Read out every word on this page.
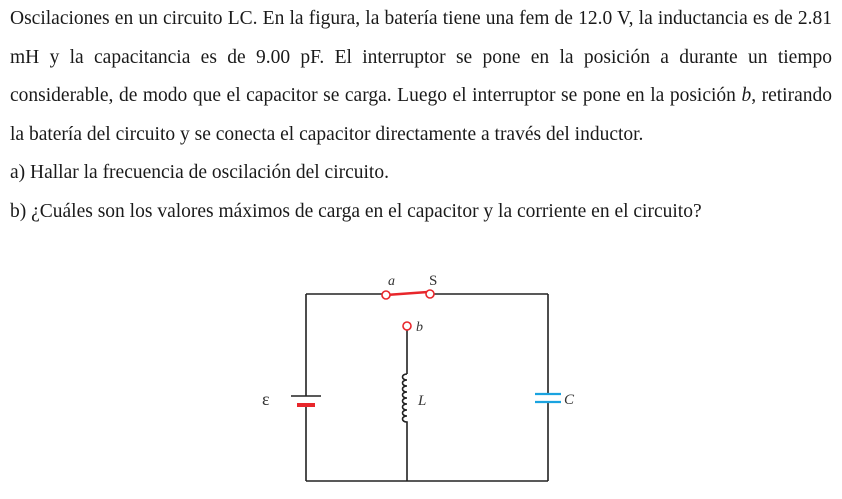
Oscilaciones en un circuito LC. En la figura, la batería tiene una fem de 12.0 V, la inductancia es de 2.81 mH y la capacitancia es de 9.00 pF. El interruptor se pone en la posición a durante un tiempo considerable, de modo que el capacitor se carga. Luego el interruptor se pone en la posición b, retirando la batería del circuito y se conecta el capacitor directamente a través del inductor.

a) Hallar la frecuencia de oscilación del circuito.

b) ¿Cuáles son los valores máximos de carga en el capacitor y la corriente en el circuito?

a S
b
ε	L	C
